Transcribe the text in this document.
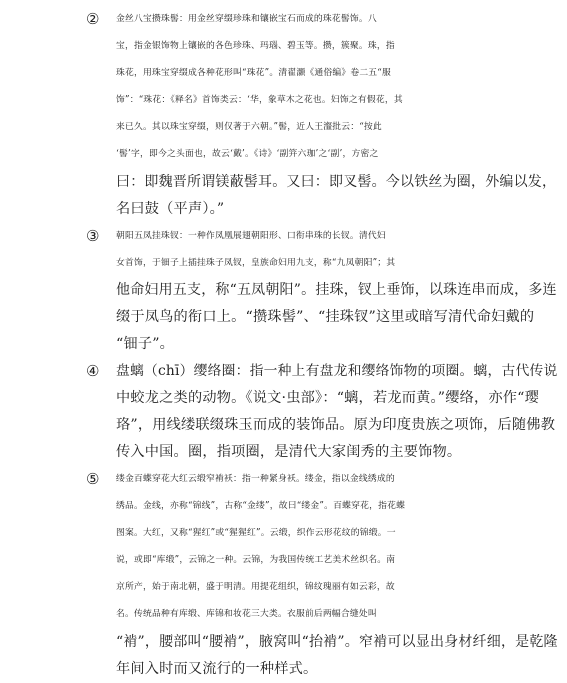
②	金丝八宝攒珠髻：用金丝穿缀珍珠和镶嵌宝石而成的珠花髻饰。八
宝，指金银饰物上镶嵌的各色珍珠、玛瑙、碧玉等。攒，簇聚。珠，指
珠花，用珠宝穿缀成各种花形叫“珠花”。清翟灏《通俗编》卷二五“服
饰”：“珠花：《释名》首饰类云：‘华，象草木之花也。妇饰之有假花，其
来已久。其以珠宝穿缀，则仅著于六朝。”髻，近人王瀣批云：“按此
‘髻’字，即今之头面也，故云‘戴’。《诗》‘副笄六珈’之‘副’，方密之
曰：即魏晋所谓镁蔽髻耳。又曰：即叉髻。今以铁丝为圈，外编以发，
名曰鼓（平声）。”
③	朝阳五凤挂珠钗：一种作凤凰展翅朝阳形、口衔串珠的长钗。清代妇
女首饰，于钿子上插挂珠子凤钗，皇族命妇用九支，称“九凤朝阳”；其
他命妇用五支，称“五凤朝阳”。挂珠，钗上垂饰，以珠连串而成，多连
缀于凤鸟的衔口上。“攒珠髻”、“挂珠钗”这里或暗写清代命妇戴的
“钿子”。
④	盘螭（chī）缨络圈：指一种上有盘龙和缨络饰物的项圈。螭，古代传说
中蛟龙之类的动物。《说文·虫部》：“螭，若龙而黄。”缨络，亦作“璎
珞”，用线缕联缀珠玉而成的装饰品。原为印度贵族之项饰，后随佛教
传入中国。圈，指项圈，是清代大家闺秀的主要饰物。
⑤	缕金百蝶穿花大红云缎窄褃袄：指一种紧身袄。缕金，指以金线绣成的
绣品。金线，亦称“锦线”，古称“金缕”，故曰“缕金”。百蝶穿花，指花蝶
图案。大红，又称“猩红”或“猩猩红”。云缎，织作云形花纹的锦缎。一
说，或即“库缎”，云锦之一种。云锦，为我国传统工艺美术丝织名。南
京所产，始于南北朝，盛于明清。用提花组织，锦纹瑰丽有如云彩，故
名。传统品种有库缎、库锦和妆花三大类。衣服前后两幅合缝处叫
“褃”，腰部叫“腰褃”，腋窝叫“抬褃”。窄褃可以显出身材纤细，是乾隆
年间入时而又流行的一种样式。
